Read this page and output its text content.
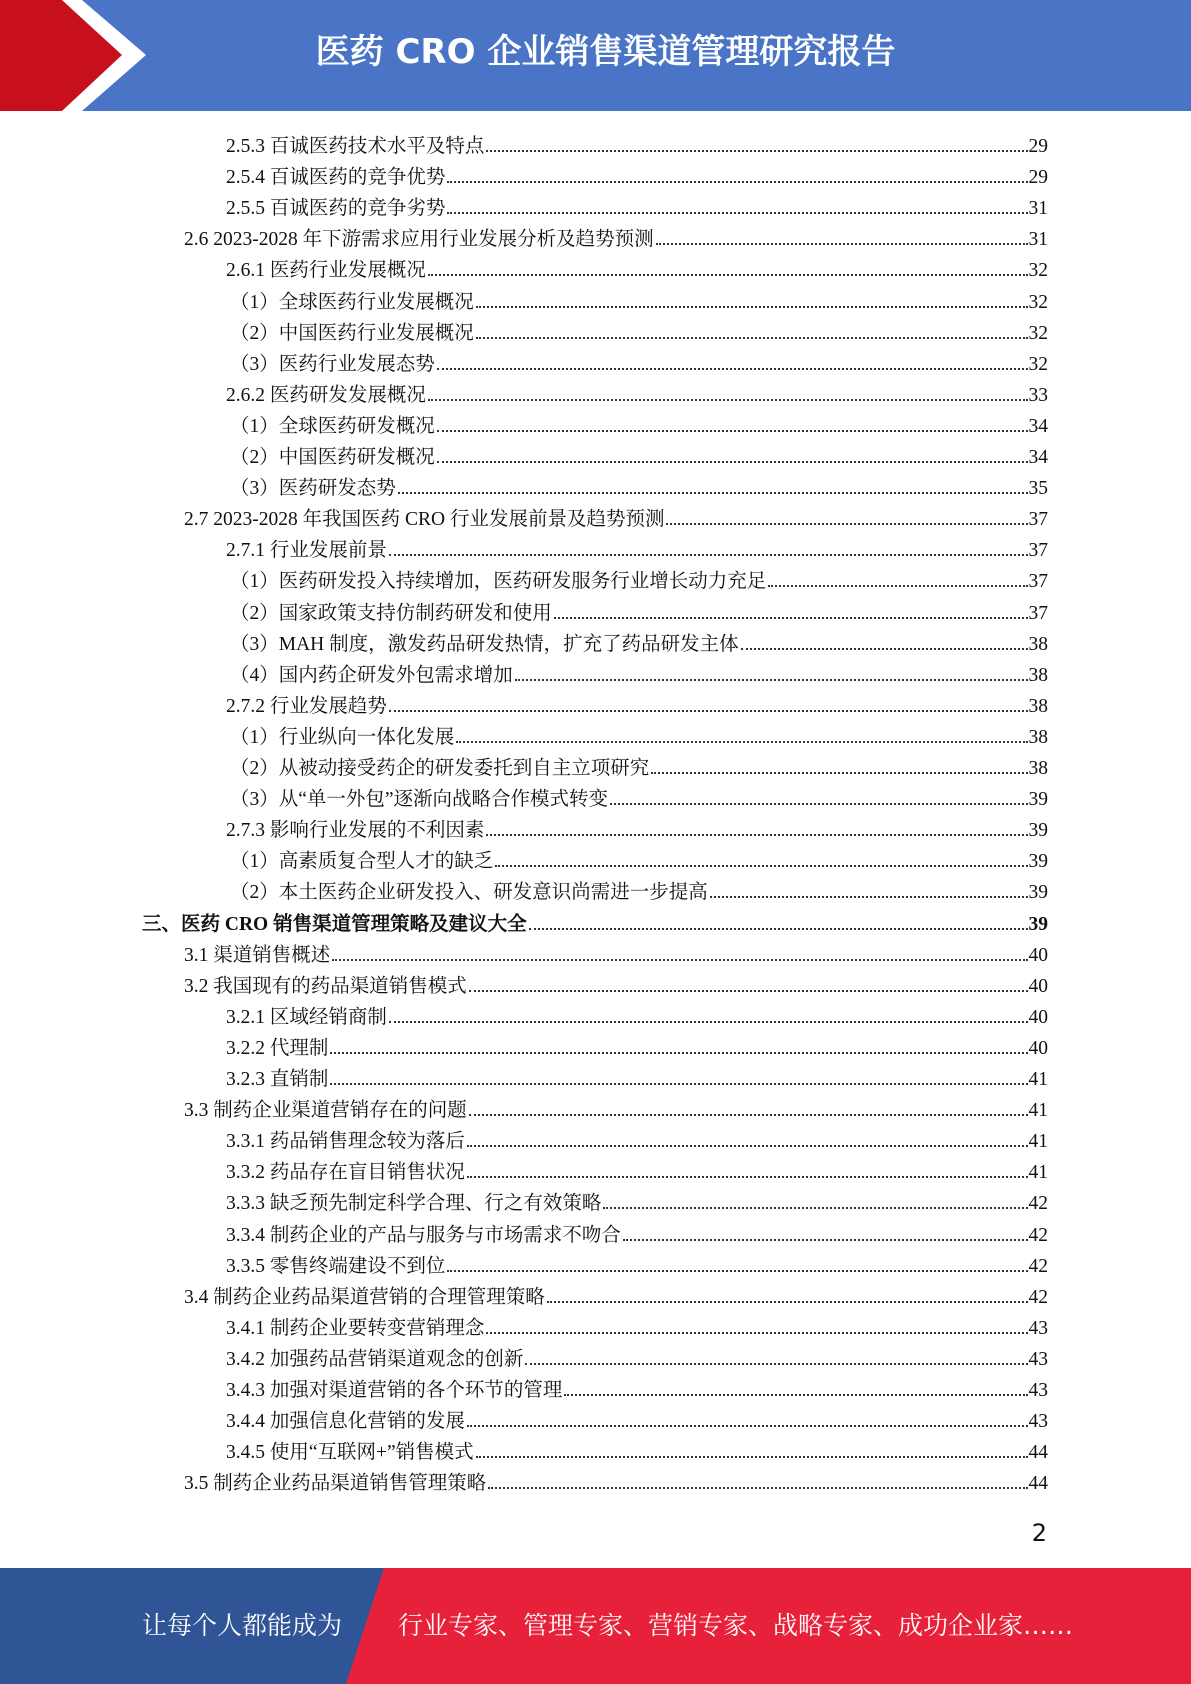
医药 CRO 企业销售渠道管理研究报告
2.5.3 百诚医药技术水平及特点	29
2.5.4 百诚医药的竞争优势	29
2.5.5 百诚医药的竞争劣势	31
2.6 2023-2028 年下游需求应用行业发展分析及趋势预测	31
2.6.1 医药行业发展概况	32
（1）全球医药行业发展概况	32
（2）中国医药行业发展概况	32
（3）医药行业发展态势	32
2.6.2 医药研发发展概况	33
（1）全球医药研发概况	34
（2）中国医药研发概况	34
（3）医药研发态势	35
2.7 2023-2028 年我国医药 CRO 行业发展前景及趋势预测	37
2.7.1 行业发展前景	37
（1）医药研发投入持续增加，医药研发服务行业增长动力充足	37
（2）国家政策支持仿制药研发和使用	37
（3）MAH 制度，激发药品研发热情，扩充了药品研发主体	38
（4）国内药企研发外包需求增加	38
2.7.2 行业发展趋势	38
（1）行业纵向一体化发展	38
（2）从被动接受药企的研发委托到自主立项研究	38
（3）从“单一外包”逐渐向战略合作模式转变	39
2.7.3 影响行业发展的不利因素	39
（1）高素质复合型人才的缺乏	39
（2）本土医药企业研发投入、研发意识尚需进一步提高	39
三、医药 CRO 销售渠道管理策略及建议大全	39
3.1 渠道销售概述	40
3.2 我国现有的药品渠道销售模式	40
3.2.1 区域经销商制	40
3.2.2 代理制	40
3.2.3 直销制	41
3.3 制药企业渠道营销存在的问题	41
3.3.1 药品销售理念较为落后	41
3.3.2 药品存在盲目销售状况	41
3.3.3 缺乏预先制定科学合理、行之有效策略	42
3.3.4 制药企业的产品与服务与市场需求不吻合	42
3.3.5 零售终端建设不到位	42
3.4 制药企业药品渠道营销的合理管理策略	42
3.4.1 制药企业要转变营销理念	43
3.4.2 加强药品营销渠道观念的创新	43
3.4.3 加强对渠道营销的各个环节的管理	43
3.4.4 加强信息化营销的发展	43
3.4.5 使用“互联网+”销售模式	44
3.5 制药企业药品渠道销售管理策略	44
2
让每个人都能成为 行业专家、管理专家、营销专家、战略专家、成功企业家……
